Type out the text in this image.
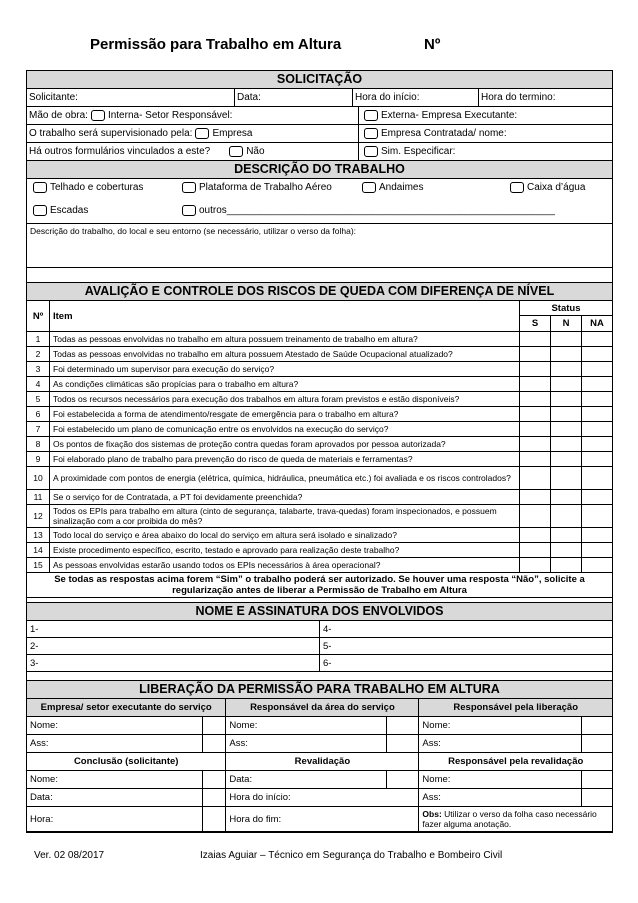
Permissão para Trabalho em Altura	Nº
SOLICITAÇÃO
Solicitante:	Data:	Hora do início:	Hora do termino:
Mão de obra: Interna- Setor Responsável:	Externa- Empresa Executante:
O trabalho será supervisionado pela: Empresa	Empresa Contratada/ nome:
Há outros formulários vinculados a este?	Não	Sim. Especificar:
DESCRIÇÃO DO TRABALHO
Telhado e coberturas	Plataforma de Trabalho Aéreo	Andaimes	Caixa d’água
Escadas	outros___________________________________________________________
Descrição do trabalho, do local e seu entorno (se necessário, utilizar o verso da folha):
AVALIÇÃO E CONTROLE DOS RISCOS DE QUEDA COM DIFERENÇA DE NÍVEL
Nº	Item	Status		
		S	N	NA
1	Todas as pessoas envolvidas no trabalho em altura possuem treinamento de trabalho em altura?			
2	Todas as pessoas envolvidas no trabalho em altura possuem Atestado de Saúde Ocupacional atualizado?			
3	Foi determinado um supervisor para execução do serviço?			
4	As condições climáticas são propícias para o trabalho em altura?			
5	Todos os recursos necessários para execução dos trabalhos em altura foram previstos e estão disponíveis?			
6	Foi estabelecida a forma de atendimento/resgate de emergência para o trabalho em altura?			
7	Foi estabelecido um plano de comunicação entre os envolvidos na execução do serviço?			
8	Os pontos de fixação dos sistemas de proteção contra quedas foram aprovados por pessoa autorizada?			
9	Foi elaborado plano de trabalho para prevenção do risco de queda de materiais e ferramentas?			
10	A proximidade com pontos de energia (elétrica, química, hidráulica, pneumática etc.) foi avaliada e os riscos controlados?			
11	Se o serviço for de Contratada, a PT foi devidamente preenchida?			
12	Todos os EPIs para trabalho em altura (cinto de segurança, talabarte, trava-quedas) foram inspecionados, e possuem sinalização com a cor proibida do mês?			
13	Todo local do serviço e área abaixo do local do serviço em altura será isolado e sinalizado?			
14	Existe procedimento específico, escrito, testado e aprovado para realização deste trabalho?			
15	As pessoas envolvidas estarão usando todos os EPIs necessários à área operacional?			
Se todas as respostas acima forem “Sim” o trabalho poderá ser autorizado. Se houver uma resposta “Não”, solicite a regularização antes de liberar a Permissão de Trabalho em Altura
NOME E ASSINATURA DOS ENVOLVIDOS
1-	4-
2-	5-
3-	6-
LIBERAÇÃO DA PERMISSÃO PARA TRABALHO EM ALTURA
Empresa/ setor executante do serviço		Responsável da área do serviço		Responsável pela liberação	
Nome:		Nome:		Nome:	
Ass:		Ass:		Ass:	
Conclusão (solicitante)		Revalidação		Responsável pela revalidação	
Nome:		Data:		Nome:	
Data:		Hora do início:		Ass:	
Hora:		Hora do fim:		Obs: Utilizar o verso da folha caso necessário fazer alguma anotação.	
Ver. 02 08/2017	Izaias Aguiar – Técnico em Segurança do Trabalho e Bombeiro Civil
